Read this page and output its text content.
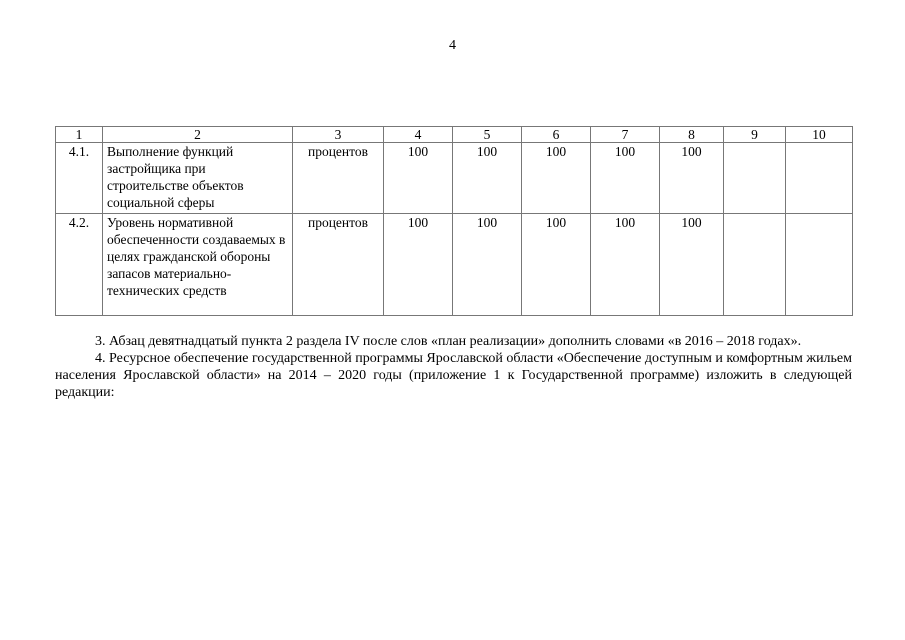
4
1	2	3	4	5	6	7	8	9	10
4.1.	Выполнение функций застройщика при строительстве объектов социальной сферы	процентов	100	100	100	100	100		
4.2.	Уровень нормативной обеспеченности создаваемых в целях гражданской обороны запасов материально-технических средств	процентов	100	100	100	100	100		

3. Абзац девятнадцатый пункта 2 раздела IV после слов «план реализации» дополнить словами «в 2016 – 2018 годах».

4. Ресурсное обеспечение государственной программы Ярославской области «Обеспечение доступным и комфортным жильем населения Ярославской области» на 2014 – 2020 годы (приложение 1 к Государственной программе) изложить в следующей редакции:
